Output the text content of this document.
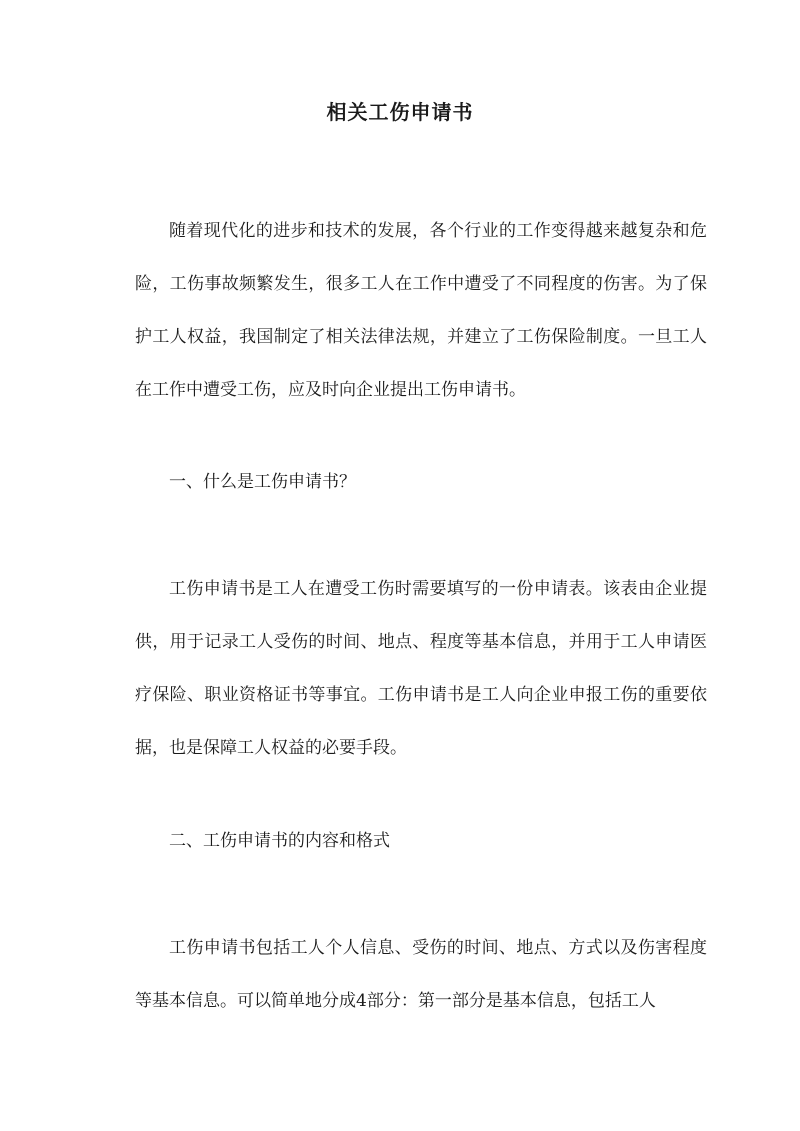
相关工伤申请书

随着现代化的进步和技术的发展，各个行业的工作变得越来越复杂和危险，工伤事故频繁发生，很多工人在工作中遭受了不同程度的伤害。为了保护工人权益，我国制定了相关法律法规，并建立了工伤保险制度。一旦工人在工作中遭受工伤，应及时向企业提出工伤申请书。

一、什么是工伤申请书？

工伤申请书是工人在遭受工伤时需要填写的一份申请表。该表由企业提供，用于记录工人受伤的时间、地点、程度等基本信息，并用于工人申请医疗保险、职业资格证书等事宜。工伤申请书是工人向企业申报工伤的重要依据，也是保障工人权益的必要手段。

二、工伤申请书的内容和格式

工伤申请书包括工人个人信息、受伤的时间、地点、方式以及伤害程度等基本信息。可以简单地分成4部分：第一部分是基本信息，包括工人
